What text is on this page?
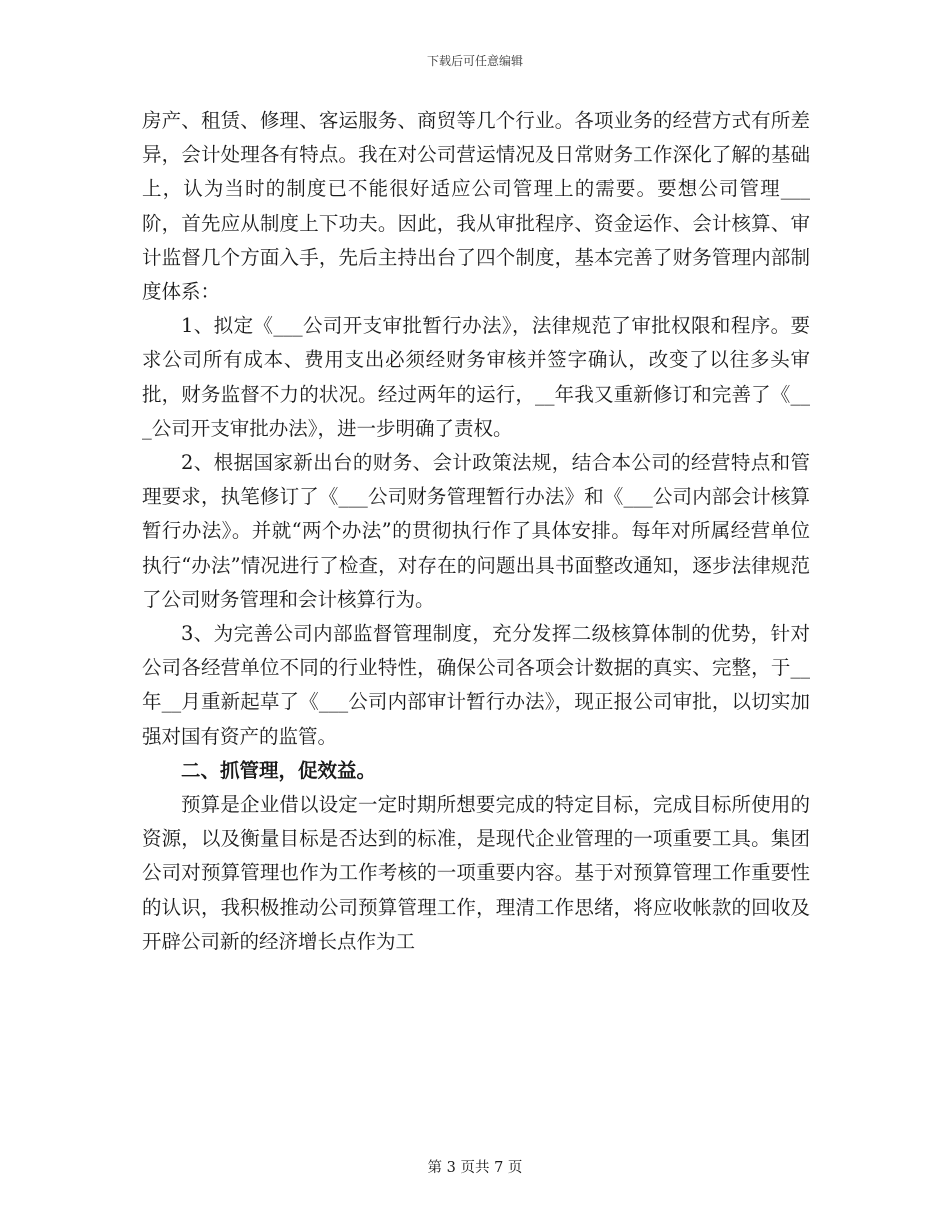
下载后可任意编辑

房产、租赁、修理、客运服务、商贸等几个行业。各项业务的经营方式有所差异，会计处理各有特点。我在对公司营运情况及日常财务工作深化了解的基础上，认为当时的制度已不能很好适应公司管理上的需要。要想公司管理___阶，首先应从制度上下功夫。因此，我从审批程序、资金运作、会计核算、审计监督几个方面入手，先后主持出台了四个制度，基本完善了财务管理内部制度体系：

1、拟定《___公司开支审批暂行办法》，法律规范了审批权限和程序。要求公司所有成本、费用支出必须经财务审核并签字确认，改变了以往多头审批，财务监督不力的状况。经过两年的运行，__年我又重新修订和完善了《___公司开支审批办法》，进一步明确了责权。

2、根据国家新出台的财务、会计政策法规，结合本公司的经营特点和管理要求，执笔修订了《___公司财务管理暂行办法》和《___公司内部会计核算暂行办法》。并就“两个办法”的贯彻执行作了具体安排。每年对所属经营单位执行“办法”情况进行了检查，对存在的问题出具书面整改通知，逐步法律规范了公司财务管理和会计核算行为。

3、为完善公司内部监督管理制度，充分发挥二级核算体制的优势，针对公司各经营单位不同的行业特性，确保公司各项会计数据的真实、完整，于__年__月重新起草了《___公司内部审计暂行办法》，现正报公司审批，以切实加强对国有资产的监管。

二、抓管理，促效益。

预算是企业借以设定一定时期所想要完成的特定目标，完成目标所使用的资源，以及衡量目标是否达到的标准，是现代企业管理的一项重要工具。集团公司对预算管理也作为工作考核的一项重要内容。基于对预算管理工作重要性的认识，我积极推动公司预算管理工作，理清工作思绪，将应收帐款的回收及开辟公司新的经济增长点作为工

第 3 页共 7 页
